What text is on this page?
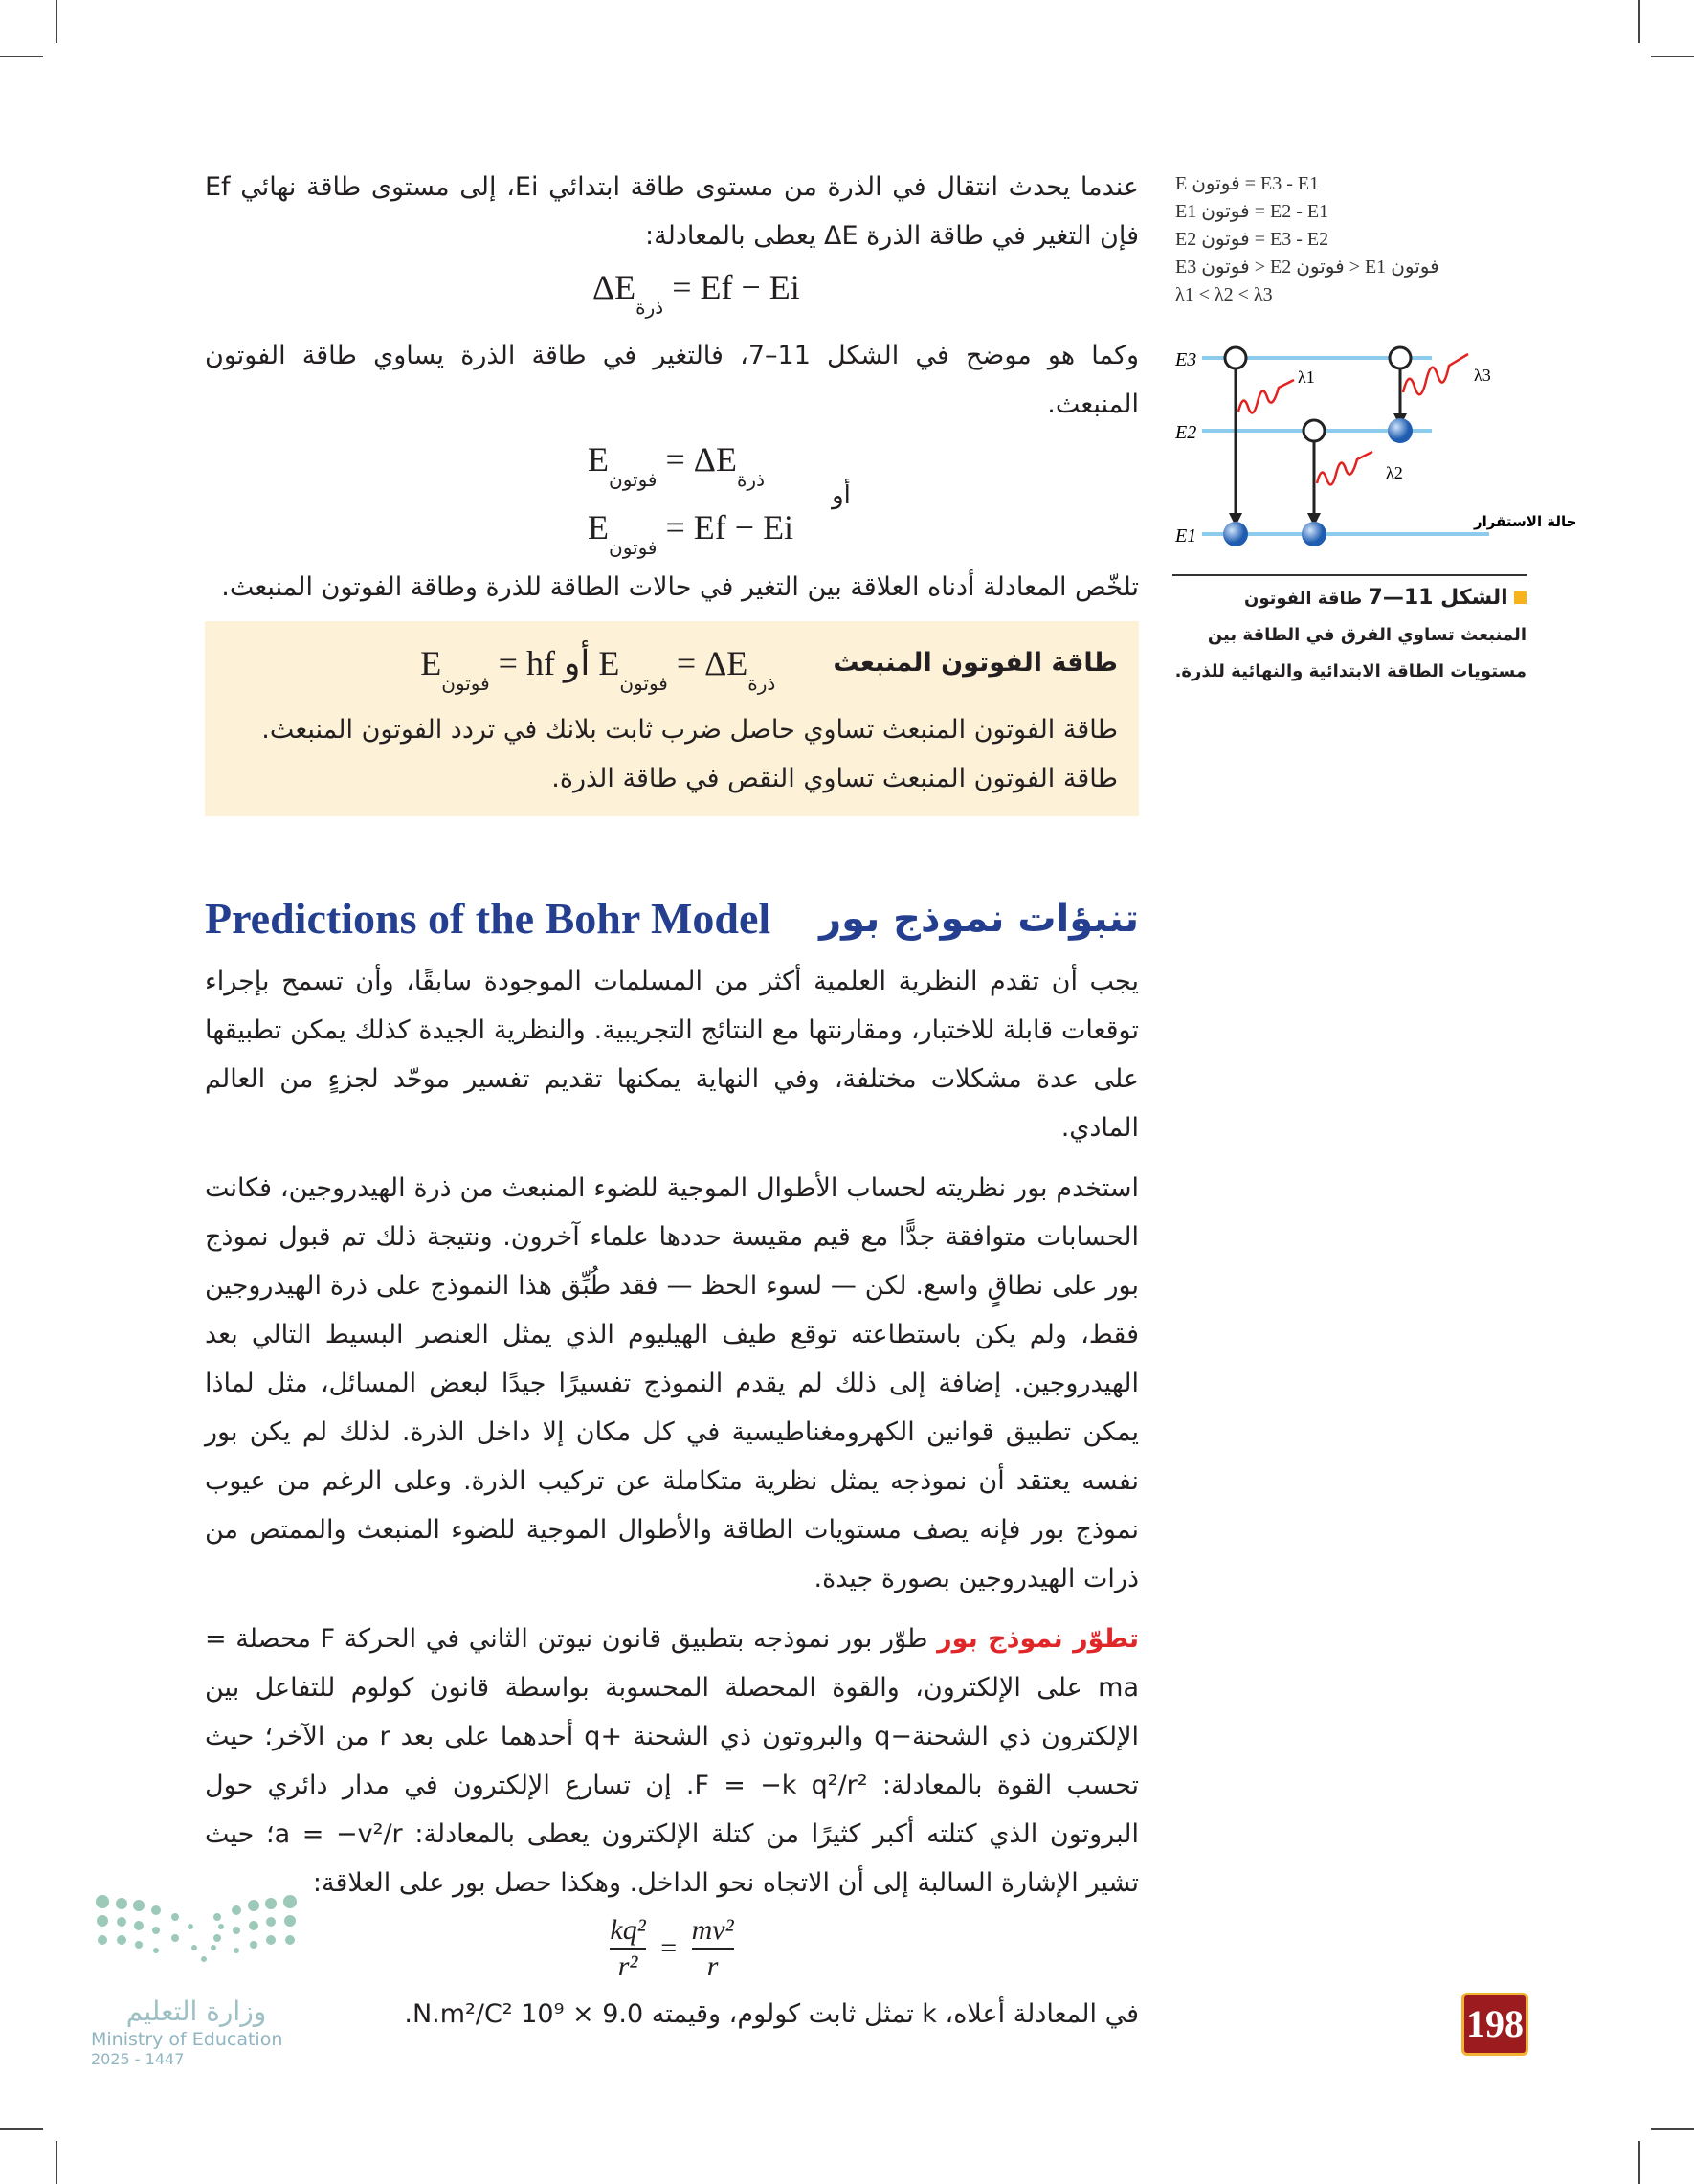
عندما يحدث انتقال في الذرة من مستوى طاقة ابتدائي Ei، إلى مستوى طاقة نهائي Ef فإن التغير في طاقة الذرة ΔE يعطى بالمعادلة:

$\Delta E_{ذرة} = Ef - Ei$

وكما هو موضح في الشكل 11–7، فالتغير في طاقة الذرة يساوي طاقة الفوتون المنبعث.

$E_{فوتون} = \Delta E_{ذرة}$
$E_{فوتون} = Ef - Ei$
أو

تلخّص المعادلة أدناه العلاقة بين التغير في حالات الطاقة للذرة وطاقة الفوتون المنبعث.

طاقة الفوتون المنبعث
$E_{فوتون}$ = hf أو $E_{فوتون} = \Delta E_{ذرة}$

طاقة الفوتون المنبعث تساوي حاصل ضرب ثابت بلانك في تردد الفوتون المنبعث.

طاقة الفوتون المنبعث تساوي النقص في طاقة الذرة.

تنبؤات نموذج بور
Predictions of the Bohr Model

يجب أن تقدم النظرية العلمية أكثر من المسلمات الموجودة سابقًا، وأن تسمح بإجراء توقعات قابلة للاختبار، ومقارنتها مع النتائج التجريبية. والنظرية الجيدة كذلك يمكن تطبيقها على عدة مشكلات مختلفة، وفي النهاية يمكنها تقديم تفسير موحّد لجزءٍ من العالم المادي.

استخدم بور نظريته لحساب الأطوال الموجية للضوء المنبعث من ذرة الهيدروجين، فكانت الحسابات متوافقة جدًّا مع قيم مقيسة حددها علماء آخرون. ونتيجة ذلك تم قبول نموذج بور على نطاقٍ واسع. لكن — لسوء الحظ — فقد طُبِّق هذا النموذج على ذرة الهيدروجين فقط، ولم يكن باستطاعته توقع طيف الهيليوم الذي يمثل العنصر البسيط التالي بعد الهيدروجين. إضافة إلى ذلك لم يقدم النموذج تفسيرًا جيدًا لبعض المسائل، مثل لماذا يمكن تطبيق قوانين الكهرومغناطيسية في كل مكان إلا داخل الذرة. لذلك لم يكن بور نفسه يعتقد أن نموذجه يمثل نظرية متكاملة عن تركيب الذرة. وعلى الرغم من عيوب نموذج بور فإنه يصف مستويات الطاقة والأطوال الموجية للضوء المنبعث والممتص من ذرات الهيدروجين بصورة جيدة.

تطوّر نموذج بور طوّر بور نموذجه بتطبيق قانون نيوتن الثاني في الحركة F محصلة = ma على الإلكترون، والقوة المحصلة المحسوبة بواسطة قانون كولوم للتفاعل بين الإلكترون ذي الشحنة−q والبروتون ذي الشحنة +q أحدهما على بعد r من الآخر؛ حيث تحسب القوة بالمعادلة: F = −k q²/r². إن تسارع الإلكترون في مدار دائري حول البروتون الذي كتلته أكبر كثيرًا من كتلة الإلكترون يعطى بالمعادلة: a = −v²/r؛ حيث تشير الإشارة السالبة إلى أن الاتجاه نحو الداخل. وهكذا حصل بور على العلاقة:

$\frac{\text{kq²}}{\text{r²}} = \frac{\text{mv²}}{r}$

في المعادلة أعلاه، k تمثل ثابت كولوم، وقيمته 9.0 × 10⁹ N.m²/C².

E فوتون = E3 - E1
E1 فوتون = E2 - E1
E2 فوتون = E3 - E2
E3 فوتون > E2 فوتون > E1 فوتون
λ1 < λ2 < λ3
E3
E2
E1
λ1
λ2
λ3
حالة الاستقرار
الشكل 11—7 طاقة الفوتون المنبعث تساوي الفرق في الطاقة بين مستويات الطاقة الابتدائية والنهائية للذرة.
وزارة التعليم
Ministry of Education
2025 - 1447
198
